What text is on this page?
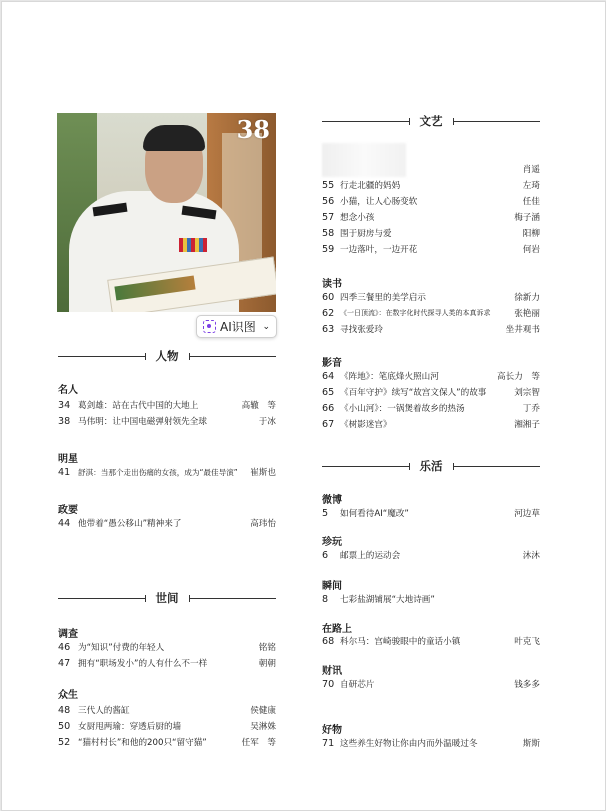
38
AI识图 ⌄
人物
世间
文艺
乐活
名人
34 葛剑雄：站在古代中国的大地上	高辙　等
38 马伟明：让中国电磁弹射领先全球	于冰
明星
41	舒淇：当那个走出伤痛的女孩，成为“最佳导演”	崔斯也
政要
44 他带着“愚公移山”精神来了	高玮怡
调查
46 为“知识”付费的年轻人	铭铭
47 拥有“职场发小”的人有什么不一样	朝朝
众生
48 三代人的酱缸	侯健康
50 女厨甩两瑜：穿透后厨的墙	吴淋姝
52 “猫村村长”和他的200只“留守猫”	任军　等
肖遥
55 行走北疆的妈妈	左琦
56 小猫，让人心肠变软	任佳
57 想念小孩	梅子涵
58 围于厨房与爱	阳柳
59 一边落叶，一边开花	何岩
读书
60 四季三餐里的美学启示	徐新力
62 《一日顶流》：在数字化时代探寻人类的本真诉求	张艳丽
63 寻找张爱玲	坐井观书
影音
64 《阵地》：笔底烽火照山河	高长力　等
65 《百年守护》续写“故宫文保人”的故事	刘宗智
66 《小山河》：一锅煲着故乡的热汤	丁乔
67 《树影迷宫》	湘湘子
微博
5	如何看待AI“魔改”	河边草
珍玩
6	邮票上的运动会	沐沐
瞬间
8	七彩盐湖铺展“大地诗画”
在路上
68 科尔马：宫崎骏眼中的童话小镇	叶克飞
财讯
70 自研芯片	钱多多
好物
71 这些养生好物让你由内而外温暖过冬	斯斯
